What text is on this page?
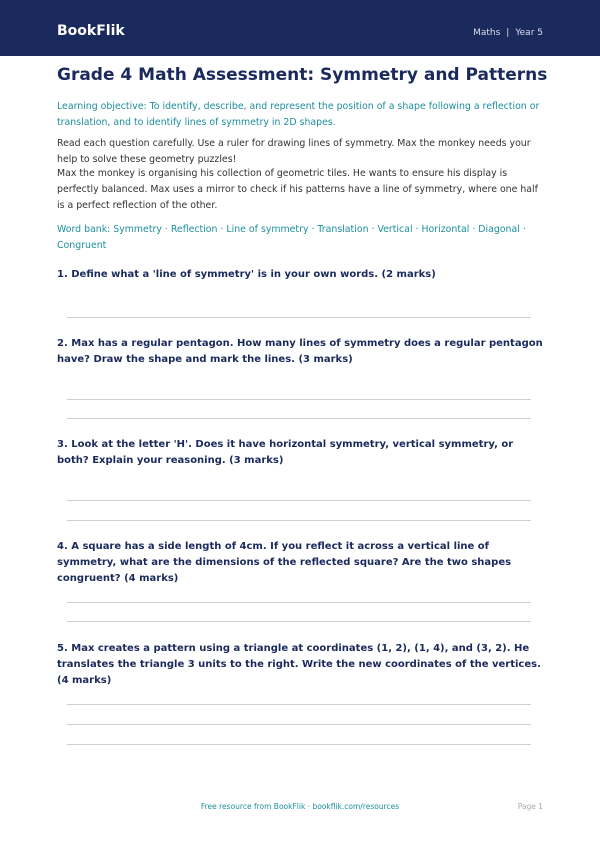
BookFlik	Maths | Year 5
Grade 4 Math Assessment: Symmetry and Patterns
Learning objective: To identify, describe, and represent the position of a shape following a reflection or translation, and to identify lines of symmetry in 2D shapes.
Read each question carefully. Use a ruler for drawing lines of symmetry. Max the monkey needs your help to solve these geometry puzzles!
Max the monkey is organising his collection of geometric tiles. He wants to ensure his display is perfectly balanced. Max uses a mirror to check if his patterns have a line of symmetry, where one half is a perfect reflection of the other.
Word bank: Symmetry · Reflection · Line of symmetry · Translation · Vertical · Horizontal · Diagonal · Congruent
1. Define what a 'line of symmetry' is in your own words. (2 marks)
2. Max has a regular pentagon. How many lines of symmetry does a regular pentagon have? Draw the shape and mark the lines. (3 marks)
3. Look at the letter 'H'. Does it have horizontal symmetry, vertical symmetry, or both? Explain your reasoning. (3 marks)
4. A square has a side length of 4cm. If you reflect it across a vertical line of symmetry, what are the dimensions of the reflected square? Are the two shapes congruent? (4 marks)
5. Max creates a pattern using a triangle at coordinates (1, 2), (1, 4), and (3, 2). He translates the triangle 3 units to the right. Write the new coordinates of the vertices. (4 marks)
Free resource from BookFlik · bookflik.com/resources	Page 1
